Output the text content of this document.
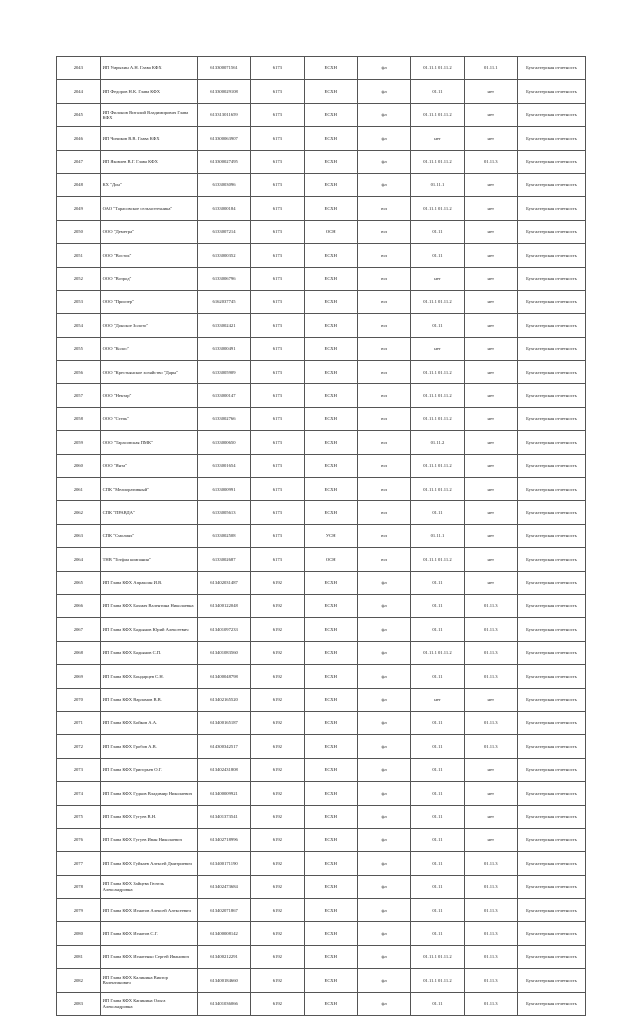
2043	ИП Умрыхин А.Н. Глава КФХ	613300071561	6173	ЕСХН	фл	01.11.1 01.11.2	01.11.1	Бухгалтерская отчетность
2044	ИП Федоров Н.К. Глава КФХ	613300029108	6173	ЕСХН	фл	01.11	нет	Бухгалтерская отчетность
2045	ИП Филонов Виталий Владимирович Глава КФХ	613313011659	6173	ЕСХН	фл	01.11.1 01.11.2	нет	Бухгалтерская отчетность
2046	ИП Чичиков В.В. Глава КФХ	613300063907	6173	ЕСХН	фл	нет	нет	Бухгалтерская отчетность
2047	ИП Яковлев В.Г. Глава КФХ	613300027495	6173	ЕСХН	фл	01.11.1 01.11.2	01.11.3	Бухгалтерская отчетность
2048	КХ "Дон"	6133003096	6173	ЕСХН	фл	01.11.1	нет	Бухгалтерская отчетность
2049	ОАО "Тарасовское сельхозтехника"	6133000184	6173	ЕСХН	юл	01.11.1 01.11.2	нет	Бухгалтерская отчетность
2050	ООО "Деметра"	6133007214	6173	ОСН	юл	01.11	нет	Бухгалтерская отчетность
2051	ООО "Восток"	6133000352	6173	ЕСХН	юл	01.11	нет	Бухгалтерская отчетность
2052	ООО "Возрод"	6133006796	6173	ЕСХН	юл	нет	нет	Бухгалтерская отчетность
2053	ООО "Приозер"	6162037745	6173	ЕСХН	юл	01.11.1 01.11.2	нет	Бухгалтерская отчетность
2054	ООО "Донское Золото"	6133002421	6173	ЕСХН	юл	01.11	нет	Бухгалтерская отчетность
2055	ООО "Колос"	6133000491	6173	ЕСХН	юл	нет	нет	Бухгалтерская отчетность
2056	ООО "Крестьянское хозяйство "Дары"	6133005909	6173	ЕСХН	юл	01.11.1 01.11.2	нет	Бухгалтерская отчетность
2057	ООО "Нектар"	6133000147	6173	ЕСХН	юл	01.11.1 01.11.2	нет	Бухгалтерская отчетность
2058	ООО "Степь"	6133002766	6173	ЕСХН	юл	01.11.1 01.11.2	нет	Бухгалтерская отчетность
2059	ООО "Тарасовская ПМК"	6133000650	6173	ЕСХН	юл	01.11.2	нет	Бухгалтерская отчетность
2060	ООО "Янта"	6133001654	6173	ЕСХН	юл	01.11.1 01.11.2	нет	Бухгалтерская отчетность
2061	СПК "Мелиоративный"	6133000991	6173	ЕСХН	юл	01.11.1 01.11.2	нет	Бухгалтерская отчетность
2062	СПК "ПРАВДА"	6133005613	6173	ЕСХН	юл	01.11	нет	Бухгалтерская отчетность
2063	СПК "Смолиях"	6133002508	6173	УСН	юл	01.11.1	нет	Бухгалтерская отчетность
2064	ТНВ "Тотфиа компания"	6133002687	6173	ОСН	юл	01.11.1 01.11.2	нет	Бухгалтерская отчетность
2065	ИП Глава КФХ Апраксин И.В.	613402031487	6192	ЕСХН	фл	01.11	нет	Бухгалтерская отчетность
2066	ИП Глава КФХ Бахмач Валентина Николаевна	613400122048	6192	ЕСХН	фл	01.11	01.11.3	Бухгалтерская отчетность
2067	ИП Глава КФХ Бадьянов Юрий Алексеевич	613401097233	6192	ЕСХН	фл	01.11	01.11.3	Бухгалтерская отчетность
2068	ИП Глава КФХ Бадьянов С.П.	613401083560	6192	ЕСХН	фл	01.11.1 01.11.2	01.11.3	Бухгалтерская отчетность
2069	ИП Глава КФХ Бондарцев С.Н.	613400048798	6192	ЕСХН	фл	01.11	01.11.3	Бухгалтерская отчетность
2070	ИП Глава КФХ Варламов В.В.	613402165520	6192	ЕСХН	фл	нет	нет	Бухгалтерская отчетность
2071	ИП Глава КФХ Бойков А.А.	613400165187	6192	ЕСХН	фл	01.11	01.11.3	Бухгалтерская отчетность
2072	ИП Глава КФХ Гробов А.В.	614300342517	6192	ЕСХН	фл	01.11	01.11.3	Бухгалтерская отчетность
2073	ИП Глава КФХ Григорьев О.Г.	613402431808	6192	ЕСХН	фл	01.11	нет	Бухгалтерская отчетность
2074	ИП Глава КФХ Гудков Владимир Николаевич	613400009921	6192	ЕСХН	фл	01.11	нет	Бухгалтерская отчетность
2075	ИП Глава КФХ Гугуев В.Н.	613401373541	6192	ЕСХН	фл	01.11	нет	Бухгалтерская отчетность
2076	ИП Глава КФХ Гугуев Иван Николаевич	613402718996	6192	ЕСХН	фл	01.11	нет	Бухгалтерская отчетность
2077	ИП Глава КФХ Гуйкаев Алексей Дмитриевич	613400171190	6192	ЕСХН	фл	01.11	01.11.3	Бухгалтерская отчетность
2078	ИП Глава КФХ Зайцева Гюзель Александровна	613402473684	6192	ЕСХН	фл	01.11	01.11.3	Бухгалтерская отчетность
2079	ИП Глава КФХ Игнатов Алексей Алексеевич	613402071867	6192	ЕСХН	фл	01.11	01.11.3	Бухгалтерская отчетность
2080	ИП Глава КФХ Игнатов С.Г.	613400008142	6192	ЕСХН	фл	01.11	01.11.3	Бухгалтерская отчетность
2081	ИП Глава КФХ Игнатенко Сергей Иванович	613400212291	6192	ЕСХН	фл	01.11.1 01.11.2	01.11.3	Бухгалтерская отчетность
2082	ИП Глава КФХ Калинина Виктор Валентинович	613400184660	6192	ЕСХН	фл	01.11.1 01.11.2	01.11.3	Бухгалтерская отчетность
2083	ИП Глава КФХ Капинина Ольга Александровна	613401036066	6192	ЕСХН	фл	01.11	01.11.3	Бухгалтерская отчетность
